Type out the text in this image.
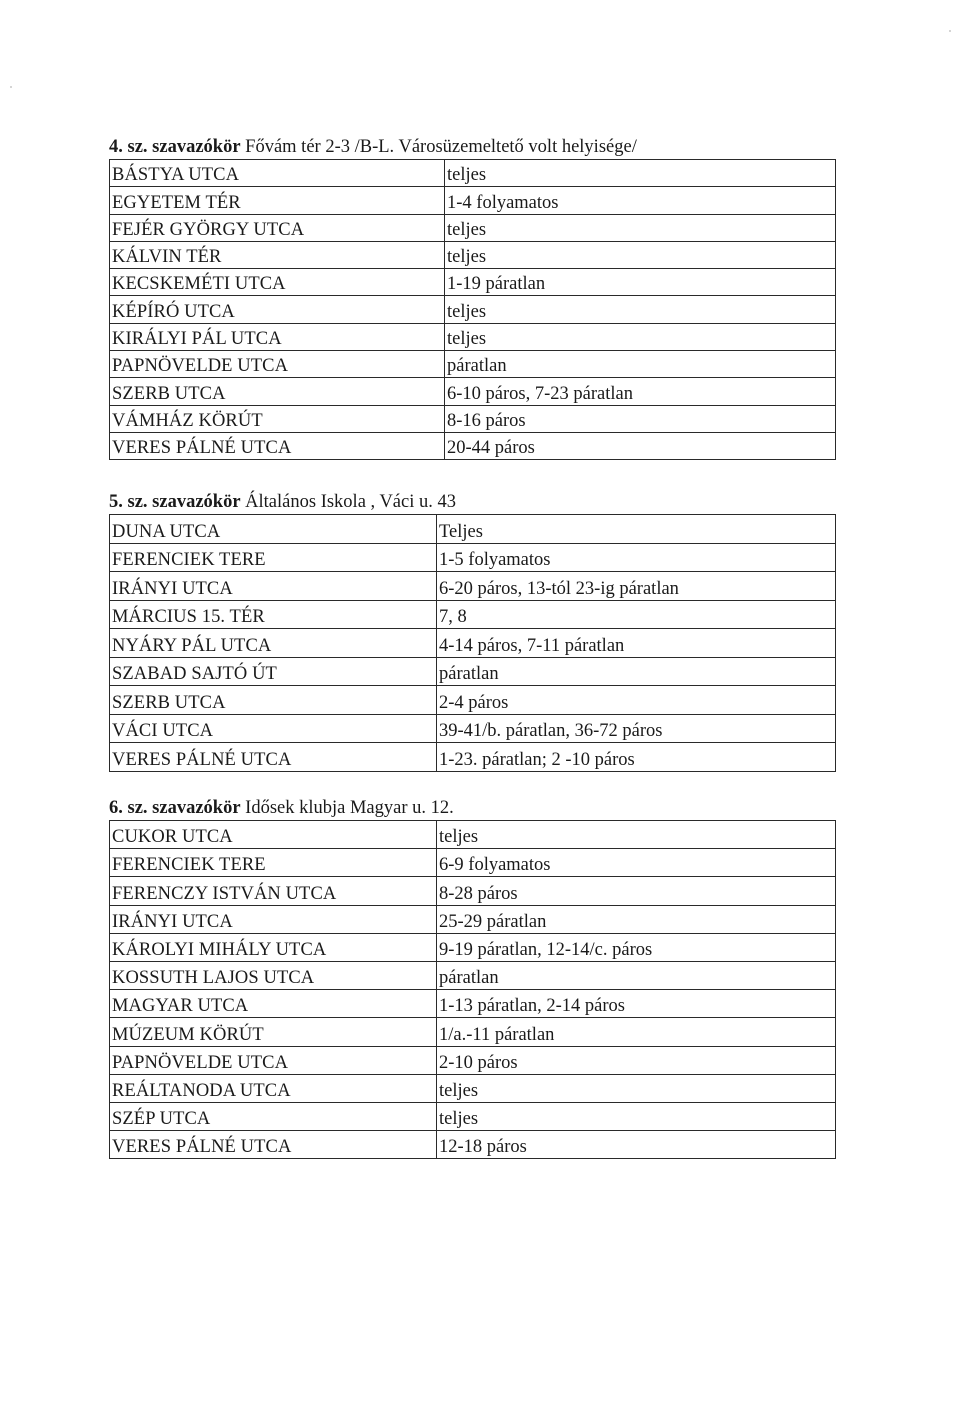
4. sz. szavazókör Fővám tér 2-3 /B-L. Városüzemeltető volt helyisége/
BÁSTYA UTCA	teljes
EGYETEM TÉR	1-4 folyamatos
FEJÉR GYÖRGY UTCA	teljes
KÁLVIN TÉR	teljes
KECSKEMÉTI UTCA	1-19 páratlan
KÉPÍRÓ UTCA	teljes
KIRÁLYI PÁL UTCA	teljes
PAPNÖVELDE UTCA	páratlan
SZERB UTCA	6-10 páros, 7-23 páratlan
VÁMHÁZ KÖRÚT	8-16 páros
VERES PÁLNÉ UTCA	20-44 páros
5. sz. szavazókör Általános Iskola , Váci u. 43
DUNA UTCA	Teljes
FERENCIEK TERE	1-5 folyamatos
IRÁNYI UTCA	6-20 páros, 13-tól 23-ig páratlan
MÁRCIUS 15. TÉR	7, 8
NYÁRY PÁL UTCA	4-14 páros, 7-11 páratlan
SZABAD SAJTÓ ÚT	páratlan
SZERB UTCA	2-4 páros
VÁCI UTCA	39-41/b. páratlan, 36-72 páros
VERES PÁLNÉ UTCA	1-23. páratlan; 2 -10 páros
6. sz. szavazókör Idősek klubja Magyar u. 12.
CUKOR UTCA	teljes
FERENCIEK TERE	6-9 folyamatos
FERENCZY ISTVÁN UTCA	8-28 páros
IRÁNYI UTCA	25-29 páratlan
KÁROLYI MIHÁLY UTCA	9-19 páratlan, 12-14/c. páros
KOSSUTH LAJOS UTCA	páratlan
MAGYAR UTCA	1-13 páratlan, 2-14 páros
MÚZEUM KÖRÚT	1/a.-11 páratlan
PAPNÖVELDE UTCA	2-10 páros
REÁLTANODA UTCA	teljes
SZÉP UTCA	teljes
VERES PÁLNÉ UTCA	12-18 páros
